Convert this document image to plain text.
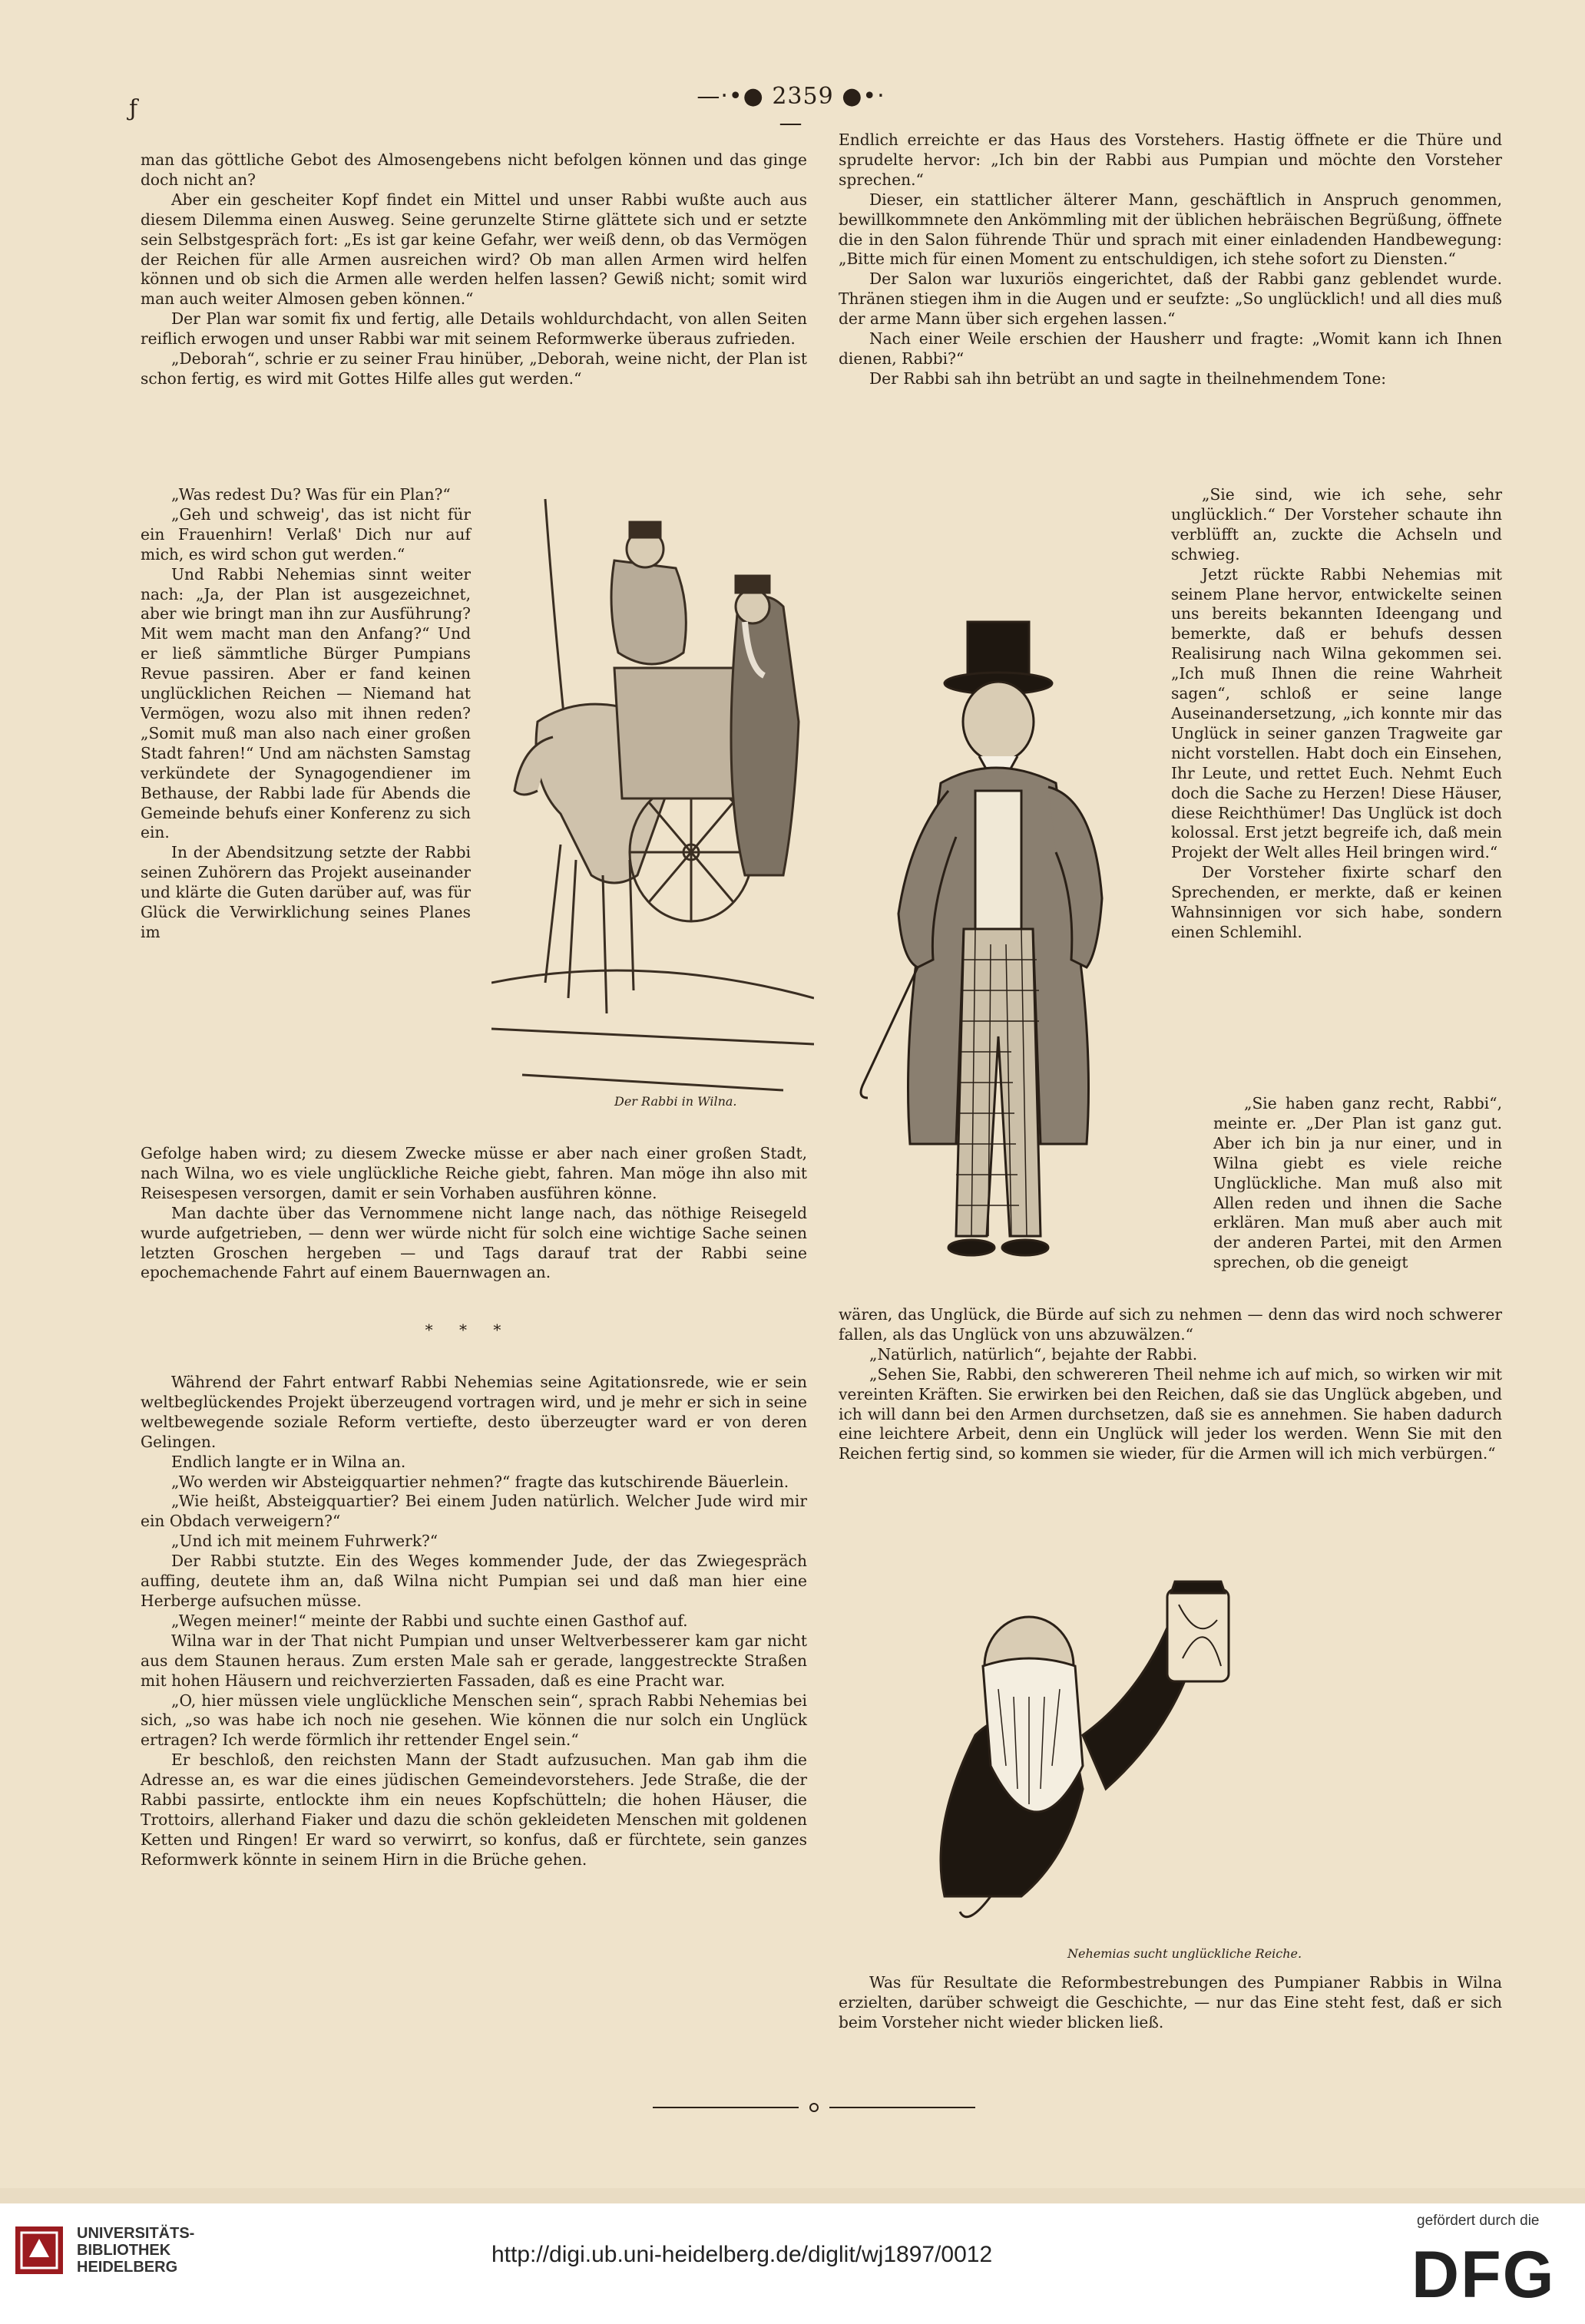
ƒ	—‧•● 2359 ●•‧—

man das göttliche Gebot des Almosengebens nicht befolgen können und das ginge doch nicht an?

Aber ein gescheiter Kopf findet ein Mittel und unser Rabbi wußte auch aus diesem Dilemma einen Ausweg. Seine gerunzelte Stirne glättete sich und er setzte sein Selbstgespräch fort: „Es ist gar keine Gefahr, wer weiß denn, ob das Vermögen der Reichen für alle Armen ausreichen wird? Ob man allen Armen wird helfen können und ob sich die Armen alle werden helfen lassen? Gewiß nicht; somit wird man auch weiter Almosen geben können.“

Der Plan war somit fix und fertig, alle Details wohldurchdacht, von allen Seiten reiflich erwogen und unser Rabbi war mit seinem Reformwerke überaus zufrieden.

„Deborah“, schrie er zu seiner Frau hinüber, „Deborah, weine nicht, der Plan ist schon fertig, es wird mit Gottes Hilfe alles gut werden.“

„Was redest Du? Was für ein Plan?“

„Geh und schweig', das ist nicht für ein Frauenhirn! Verlaß' Dich nur auf mich, es wird schon gut werden.“

Und Rabbi Nehemias sinnt weiter nach: „Ja, der Plan ist ausgezeichnet, aber wie bringt man ihn zur Ausführung? Mit wem macht man den Anfang?“ Und er ließ sämmtliche Bürger Pumpians Revue passiren. Aber er fand keinen unglücklichen Reichen — Niemand hat Vermögen, wozu also mit ihnen reden? „Somit muß man also nach einer großen Stadt fahren!“ Und am nächsten Samstag verkündete der Synagogendiener im Bethause, der Rabbi lade für Abends die Gemeinde behufs einer Konferenz zu sich ein.

In der Abendsitzung setzte der Rabbi seinen Zuhörern das Projekt auseinander und klärte die Guten darüber auf, was für Glück die Verwirklichung seines Planes im

Der Rabbi in Wilna.

Gefolge haben wird; zu diesem Zwecke müsse er aber nach einer großen Stadt, nach Wilna, wo es viele unglückliche Reiche giebt, fahren. Man möge ihn also mit Reisespesen versorgen, damit er sein Vorhaben ausführen könne.

Man dachte über das Vernommene nicht lange nach, das nöthige Reisegeld wurde aufgetrieben, — denn wer würde nicht für solch eine wichtige Sache seinen letzten Groschen hergeben — und Tags darauf trat der Rabbi seine epochemachende Fahrt auf einem Bauernwagen an.

* * *

Während der Fahrt entwarf Rabbi Nehemias seine Agitationsrede, wie er sein weltbeglückendes Projekt überzeugend vortragen wird, und je mehr er sich in seine weltbewegende soziale Reform vertiefte, desto überzeugter ward er von deren Gelingen.

Endlich langte er in Wilna an.

„Wo werden wir Absteigquartier nehmen?“ fragte das kutschirende Bäuerlein.

„Wie heißt, Absteigquartier? Bei einem Juden natürlich. Welcher Jude wird mir ein Obdach verweigern?“

„Und ich mit meinem Fuhrwerk?“

Der Rabbi stutzte. Ein des Weges kommender Jude, der das Zwiegespräch auffing, deutete ihm an, daß Wilna nicht Pumpian sei und daß man hier eine Herberge aufsuchen müsse.

„Wegen meiner!“ meinte der Rabbi und suchte einen Gasthof auf.

Wilna war in der That nicht Pumpian und unser Weltverbesserer kam gar nicht aus dem Staunen heraus. Zum ersten Male sah er gerade, langgestreckte Straßen mit hohen Häusern und reichverzierten Fassaden, daß es eine Pracht war.

„O, hier müssen viele unglückliche Menschen sein“, sprach Rabbi Nehemias bei sich, „so was habe ich noch nie gesehen. Wie können die nur solch ein Unglück ertragen? Ich werde förmlich ihr rettender Engel sein.“

Er beschloß, den reichsten Mann der Stadt aufzusuchen. Man gab ihm die Adresse an, es war die eines jüdischen Gemeindevorstehers. Jede Straße, die der Rabbi passirte, entlockte ihm ein neues Kopfschütteln; die hohen Häuser, die Trottoirs, allerhand Fiaker und dazu die schön gekleideten Menschen mit goldenen Ketten und Ringen! Er ward so verwirrt, so konfus, daß er fürchtete, sein ganzes Reformwerk könnte in seinem Hirn in die Brüche gehen.

Endlich erreichte er das Haus des Vorstehers. Hastig öffnete er die Thüre und sprudelte hervor: „Ich bin der Rabbi aus Pumpian und möchte den Vorsteher sprechen.“

Dieser, ein stattlicher älterer Mann, geschäftlich in Anspruch genommen, bewillkommnete den Ankömmling mit der üblichen hebräischen Begrüßung, öffnete die in den Salon führende Thür und sprach mit einer einladenden Handbewegung: „Bitte mich für einen Moment zu entschuldigen, ich stehe sofort zu Diensten.“

Der Salon war luxuriös eingerichtet, daß der Rabbi ganz geblendet wurde. Thränen stiegen ihm in die Augen und er seufzte: „So unglücklich! und all dies muß der arme Mann über sich ergehen lassen.“

Nach einer Weile erschien der Hausherr und fragte: „Womit kann ich Ihnen dienen, Rabbi?“

Der Rabbi sah ihn betrübt an und sagte in theilnehmendem Tone:

„Sie sind, wie ich sehe, sehr unglücklich.“ Der Vorsteher schaute ihn verblüfft an, zuckte die Achseln und schwieg.

Jetzt rückte Rabbi Nehemias mit seinem Plane hervor, entwickelte seinen uns bereits bekannten Ideengang und bemerkte, daß er behufs dessen Realisirung nach Wilna gekommen sei. „Ich muß Ihnen die reine Wahrheit sagen“, schloß er seine lange Auseinandersetzung, „ich konnte mir das Unglück in seiner ganzen Tragweite gar nicht vorstellen. Habt doch ein Einsehen, Ihr Leute, und rettet Euch. Nehmt Euch doch die Sache zu Herzen! Diese Häuser, diese Reichthümer! Das Unglück ist doch kolossal. Erst jetzt begreife ich, daß mein Projekt der Welt alles Heil bringen wird.“

Der Vorsteher fixirte scharf den Sprechenden, er merkte, daß er keinen Wahnsinnigen vor sich habe, sondern einen Schlemihl.

„Sie haben ganz recht, Rabbi“, meinte er. „Der Plan ist ganz gut. Aber ich bin ja nur einer, und in Wilna giebt es viele reiche Unglückliche. Man muß also mit Allen reden und ihnen die Sache erklären. Man muß aber auch mit der anderen Partei, mit den Armen sprechen, ob die geneigt

wären, das Unglück, die Bürde auf sich zu nehmen — denn das wird noch schwerer fallen, als das Unglück von uns abzuwälzen.“

„Natürlich, natürlich“, bejahte der Rabbi.

„Sehen Sie, Rabbi, den schwereren Theil nehme ich auf mich, so wirken wir mit vereinten Kräften. Sie erwirken bei den Reichen, daß sie das Unglück abgeben, und ich will dann bei den Armen durchsetzen, daß sie es annehmen. Sie haben dadurch eine leichtere Arbeit, denn ein Unglück will jeder los werden. Wenn Sie mit den Reichen fertig sind, so kommen sie wieder, für die Armen will ich mich verbürgen.“

Nehemias sucht unglückliche Reiche.

Was für Resultate die Reformbestrebungen des Pumpianer Rabbis in Wilna erzielten, darüber schweigt die Geschichte, — nur das Eine steht fest, daß er sich beim Vorsteher nicht wieder blicken ließ.

UNIVERSITÄTS-
BIBLIOTHEK
HEIDELBERG	http://digi.ub.uni-heidelberg.de/diglit/wj1897/0012
gefördert durch die
DFG
